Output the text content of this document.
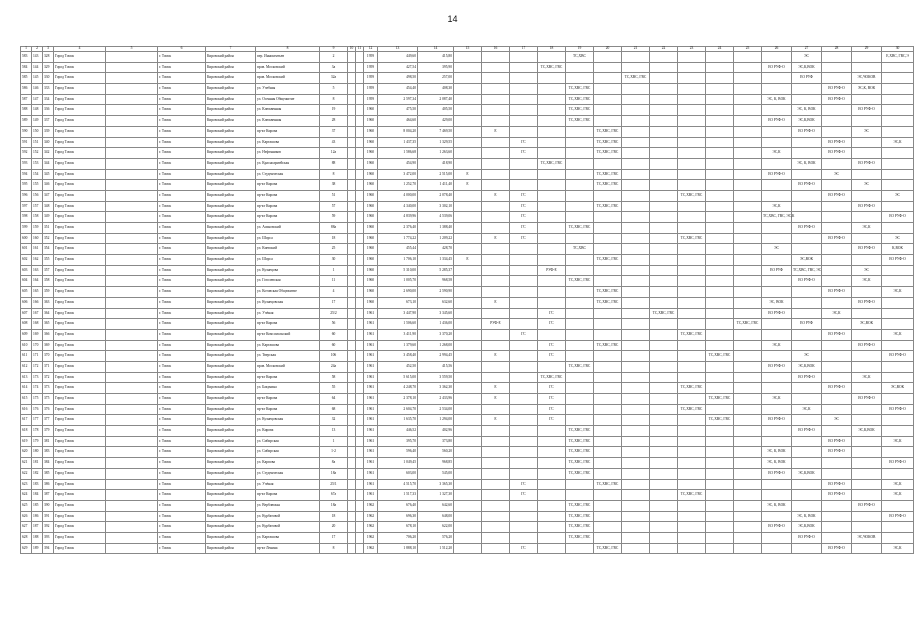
14
1	2	3	4	5	6	7	8	9	10	11	12	13	14	15	16	17	18	19	20	21	22	23	24	25	26	27	28	29	30
583	143	328	Город Томск		г. Томск	Кировский район	пер. Иннокентьев	2			1959	449,60	415,80					ТС,ХВС								ЭС			Е,ХВС, ГВС,Э
584	144	329	Город Томск		г. Томск	Кировский район	пров. Московский	3а			1959	427,54	395,90				ТС,ХВС, ГВС								ЕО РУФ-О	ЭС,К,ВОК			
585	145	330	Город Томск		г. Томск	Кировский район	пров. Московский	32а			1959	498,50	257,00							ТС,ХВС, ГВС						ЕО РУФ		ЭС,ЧОКОВ	
586	146	333	Город Томск		г. Томск	Кировский район	ул. Учебная	5			1959	454,40	408,30					ТС,ХВС, ГВС									ЕО РУФ-О	ЭС,К, ВОК	
587	147	334	Город Томск		г. Томск	Кировский район	ул. Осенняя Общежитие	8			1959	2 597,34	2 087,40					ТС,ХВС, ГВС							ЭС, К, ВОК		ЕО РУФ-О		
588	148	336	Город Томск		г. Томск	Кировский район	ул. Клюквенная	19			1960	475,50	405,50					ТС,ХВС, ГВС								ЭС, К, ВОК		ЕО РУФ-О	
589	149	337	Город Томск		г. Томск	Кировский район	ул. Клюквенная	28			1960	464,60	429,00					ТС,ХВС, ГВС							ЕО РУФ-О	ЭС,К,ВОК			
590	150	339	Город Томск		г. Томск	Кировский район	пр-кт Кирова	37			1960	8 004,20	7 469,50		Е				ТС,ХВС, ГВС							ЕО РУФ-О		ЭС	
591	151	340	Город Томск		г. Томск	Кировский район	ул. Карташова	43			1960	1 437,35	1 329,55			ГС			ТС,ХВС, ГВС								ЕО РУФ-О		ЭС,К
592	152	342	Город Томск		г. Томск	Кировский район	ул. Нефтяников	12а			1960	1 586,68	1 263,60			ГС			ТС,ХВС, ГВС						ЭС,К		ЕО РУФ-О		
593	153	344	Город Томск		г. Томск	Кировский район	ул. Красноармейская	88			1960	454,90	418,90				ТС,ХВС, ГВС									ЭС, К, ВОК		ЕО РУФ-О	
594	154	345	Город Томск		г. Томск	Кировский район	ул. Студенческая	8			1960	3 472,00	2 515,00	Е					ТС,ХВС, ГВС						ЕО РУФ-О		ЭС		
595	155	346	Город Томск		г. Томск	Кировский район	пр-кт Кирова	38			1960	1 252,70	1 411,40	Е					ТС,ХВС, ГВС							ЕО РУФ-О		ЭС	
596	156	347	Город Томск		г. Томск	Кировский район	пр-кт Кирова	51			1960	4 000,00	2 078,40		Е	ГС						ТС,ХВС, ГВС					ЕО РУФ-О		ЭС
597	157	348	Город Томск		г. Томск	Кировский район	пр-кт Кирова	57			1960	4 340,00	3 302,10			ГС			ТС,ХВС, ГВС						ЭС,К			ЕО РУФ-О	
598	158	349	Город Томск		г. Томск	Кировский район	пр-кт Кирова	59			1960	4 839,96	4 539,06			ГС									ТС,ХВС, ГВС, ЭС,К				ЕО РУФ-О
599	159	351	Город Томск		г. Томск	Кировский район	ул. Асиновский	88а			1960	2 376,40	1 388,40			ГС		ТС,ХВС, ГВС								ЕО РУФ-О		ЭС,К	
600	160	352	Город Томск		г. Томск	Кировский район	ул. Шорса	18			1960	1 774,22	1 209,22		Е	ГС						ТС,ХВС, ГВС					ЕО РУФ-О		ЭС
601	161	354	Город Томск		г. Томск	Кировский район	ул. Киевский	25			1960	455,44	428,70					ТС,ХВС							ЭС			ЕО РУФ-О	К,ВОК
602	162	355	Город Томск		г. Томск	Кировский район	ул. Шорса	30			1960	1 706,10	1 334,45	Е					ТС,ХВС, ГВС							ЭС,ВОК			ЕО РУФ-О
603	163	357	Город Томск		г. Томск	Кировский район	ул. Кузнецова	1			1960	5 310,00	5 285,37				РУФ-Е								ЕО РУФ	ТС,ХВС, ГВС, ЭС		ЭС	
604	164	358	Город Томск		г. Томск	Кировский район	ул. Гоголевская	11			1960	1 005,70	968,58					ТС,ХВС, ГВС								ЕО РУФ-О		ЭС,К	
605	165	359	Город Томск		г. Томск	Кировский район	ул. Котовская Общежитие	4			1960	2 690,00	2 590,90						ТС,ХВС, ГВС								ЕО РУФ-О		ЭС,К
606	166	363	Город Томск		г. Томск	Кировский район	ул. Кузнецовская	17			1960	673,10	632,60		Е				ТС,ХВС, ГВС						ЭС, ВОК			ЕО РУФ-О	
607	167	364	Город Томск		г. Томск	Кировский район	ул. Учёная	25/2			1961	3 447,90	3 345,60				ГС				ТС,ХВС, ГВС				ЕО РУФ-О		ЭС,К		
608	168	365	Город Томск		г. Томск	Кировский район	пр-кт Кирова	56			1961	1 506,60	1 436,00		РУФ-Е		ГС							ТС,ХВС, ГВС		ЕО РУФ		ЭС,ВОК	
609	169	366	Город Томск		г. Томск	Кировский район	пр-кт Комсомольский	60			1961	3 411,90	3 370,20			ГС						ТС,ХВС, ГВС					ЕО РУФ-О		ЭС,К
610	170	369	Город Томск		г. Томск	Кировский район	ул. Карташова	60			1961	1 379,60	1 268,00				ГС		ТС,ХВС, ГВС						ЭС,К			ЕО РУФ-О	
611	171	370	Город Томск		г. Томск	Кировский район	ул. Тверская	106			1961	3 458,40	2 994,45		Е		ГС						ТС,ХВС, ГВС			ЭС			ЕО РУФ-О
612	172	371	Город Томск		г. Томск	Кировский район	пров. Московский	24а			1961	452,50	415,56					ТС,ХВС, ГВС							ЕО РУФ-О	ЭС,К,ВОК			
613	173	372	Город Томск		г. Томск	Кировский район	пр-кт Кирова	58			1961	5 615,00	3 559,50				ТС,ХВС, ГВС									ЕО РУФ-О		ЭС,К	
614	174	373	Город Томск		г. Томск	Кировский район	ул. Бакунина	55			1961	4 248,70	3 362,30		Е		ГС					ТС,ХВС, ГВС					ЕО РУФ-О		ЭС,ВОК
615	175	375	Город Томск		г. Томск	Кировский район	пр-кт Кирова	64			1961	2 378,10	2 433,96		Е		ГС						ТС,ХВС, ГВС		ЭС,К			ЕО РУФ-О	
616	176	376	Город Томск		г. Томск	Кировский район	пр-кт Кирова	68			1961	2 604,70	2 534,00				ГС					ТС,ХВС, ГВС				ЭС,К			ЕО РУФ-О
617	177	377	Город Томск		г. Томск	Кировский район	ул. Кузнецовская	32			1961	1 635,70	1 294,00		Е		ГС						ТС,ХВС, ГВС		ЕО РУФ-О		ЭС		
618	178	379	Город Томск		г. Томск	Кировский район	ул. Кирова	13			1961	446,52	402,96					ТС,ХВС, ГВС								ЕО РУФ-О		ЭС,К,ВОК	
619	179	381	Город Томск		г. Томск	Кировский район	ул. Сибирская	1			1961	395,70	373,80					ТС,ХВС, ГВС									ЕО РУФ-О		ЭС,К
620	180	383	Город Томск		г. Томск	Кировский район	ул. Сибирская	1-2			1961	596,40	560,20					ТС,ХВС, ГВС							ЭС, К, ВОК		ЕО РУФ-О		
621	181	384	Город Томск		г. Томск	Кировский район	ул. Карпова	8а			1961	1 049,45	968,85					ТС,ХВС, ГВС							ЭС, К, ВОК				ЕО РУФ-О
622	182	385	Город Томск		г. Томск	Кировский район	ул. Студенческая	18а			1961	603,00	545,00					ТС,ХВС, ГВС							ЕО РУФ-О	ЭС,К,ВОК			
623	183	386	Город Томск		г. Томск	Кировский район	ул. Учёная	25/1			1961	4 515,70	3 365,30			ГС			ТС,ХВС, ГВС								ЕО РУФ-О		ЭС,К
624	184	387	Город Томск		г. Томск	Кировский район	пр-кт Кирова	67а			1961	1 517,33	1 327,30			ГС						ТС,ХВС, ГВС					ЕО РУФ-О		ЭС,К
625	185	390	Город Томск		г. Томск	Кировский район	ул. Верблюжья	18а			1962	676,40	642,60					ТС,ХВС, ГВС							ЭС, К, ВОК			ЕО РУФ-О	
626	186	391	Город Томск		г. Томск	Кировский район	ул. Курбатовой	18			1962	696,30	648,00					ТС,ХВС, ГВС								ЭС, К, ВОК			ЕО РУФ-О
627	187	392	Город Томск		г. Томск	Кировский район	ул. Курбатовой	20			1962	678,10	622,00					ТС,ХВС, ГВС							ЕО РУФ-О	ЭС,К,ВОК			
628	188	393	Город Томск		г. Томск	Кировский район	ул. Карташова	17			1962	706,20	576,20					ТС,ХВС, ГВС								ЕО РУФ-О		ЭС,ЧОКОВ	
629	189	394	Город Томск		г. Томск	Кировский район	пр-кт Ленина	8			1962	1 888,10	1 512,20			ГС			ТС,ХВС, ГВС								ЕО РУФ-О		ЭС,К
